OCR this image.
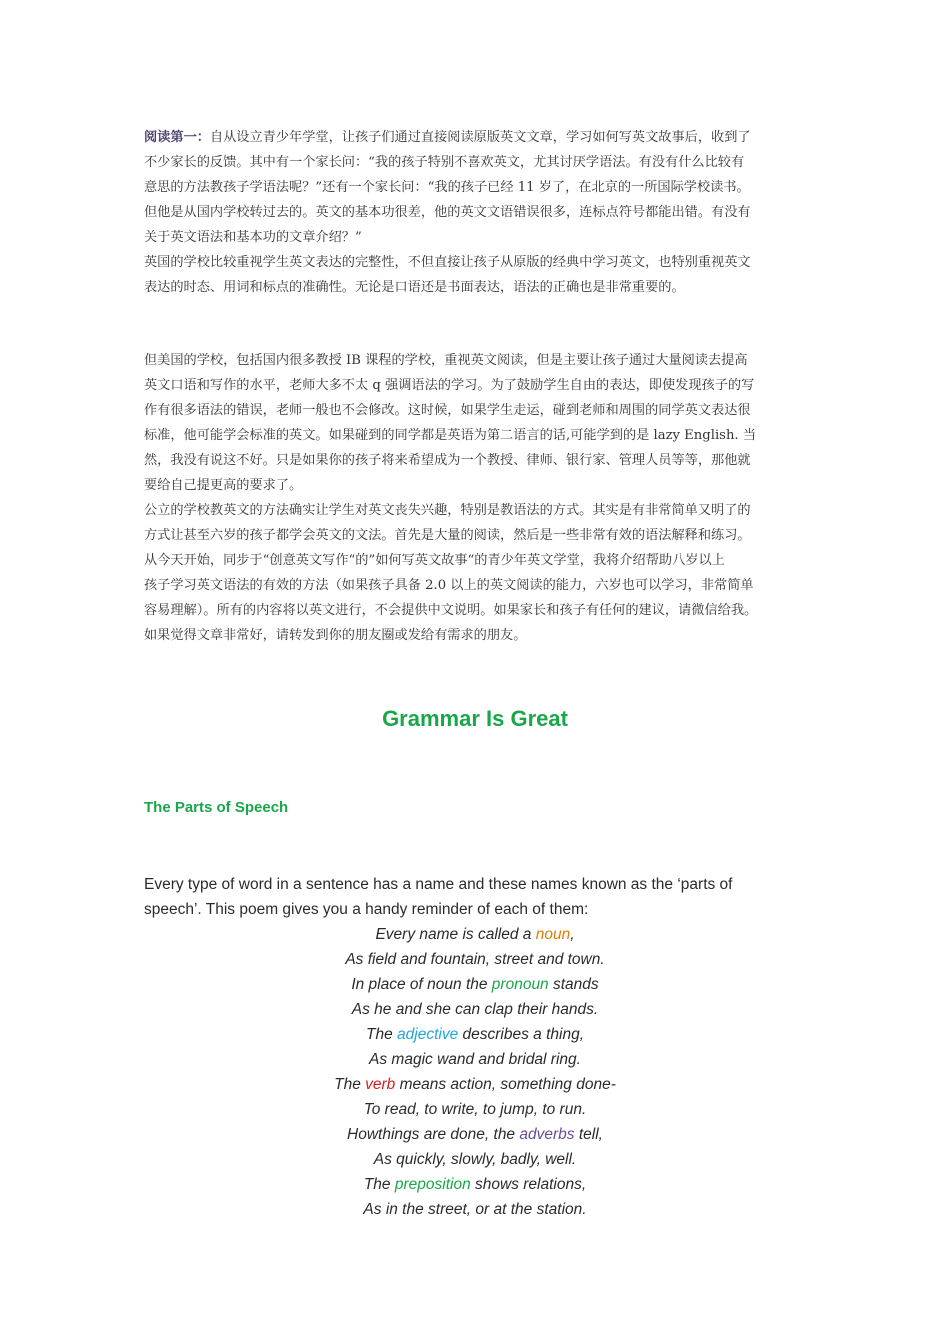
阅读第一：自从设立青少年学堂，让孩子们通过直接阅读原版英文文章，学习如何写英文故事后，收到了
不少家长的反馈。其中有一个家长问：“我的孩子特别不喜欢英文，尤其讨厌学语法。有没有什么比较有
意思的方法教孩子学语法呢？”还有一个家长问：“我的孩子已经 11 岁了，在北京的一所国际学校读书。
但他是从国内学校转过去的。英文的基本功很差，他的英文文语错误很多，连标点符号都能出错。有没有
关于英文语法和基本功的文章介绍？”
英国的学校比较重视学生英文表达的完整性，不但直接让孩子从原版的经典中学习英文，也特别重视英文
表达的时态、用词和标点的准确性。无论是口语还是书面表达，语法的正确也是非常重要的。
但美国的学校，包括国内很多教授 IB 课程的学校，重视英文阅读，但是主要让孩子通过大量阅读去提高
英文口语和写作的水平，老师大多不太 q 强调语法的学习。为了鼓励学生自由的表达，即使发现孩子的写
作有很多语法的错误，老师一般也不会修改。这时候，如果学生走运，碰到老师和周围的同学英文表达很
标准，他可能学会标准的英文。如果碰到的同学都是英语为第二语言的话,可能学到的是 lazy English. 当
然，我没有说这不好。只是如果你的孩子将来希望成为一个教授、律师、银行家、管理人员等等，那他就
要给自己提更高的要求了。
公立的学校教英文的方法确实让学生对英文丧失兴趣，特别是教语法的方式。其实是有非常简单又明了的
方式让甚至六岁的孩子都学会英文的文法。首先是大量的阅读，然后是一些非常有效的语法解释和练习。
从今天开始，同步于“创意英文写作“的”如何写英文故事“的青少年英文学堂，我将介绍帮助八岁以上
孩子学习英文语法的有效的方法（如果孩子具备 2.0 以上的英文阅读的能力，六岁也可以学习，非常简单
容易理解）。所有的内容将以英文进行，不会提供中文说明。如果家长和孩子有任何的建议，请微信给我。
如果觉得文章非常好，请转发到你的朋友圈或发给有需求的朋友。
Grammar Is Great
The Parts of Speech
Every type of word in a sentence has a name and these names known as the ‘parts of
speech’. This poem gives you a handy reminder of each of them:
Every name is called a noun,
As field and fountain, street and town.
In place of noun the pronoun stands
As he and she can clap their hands.
The adjective describes a thing,
As magic wand and bridal ring.
The verb means action, something done-
To read, to write, to jump, to run.
Howthings are done, the adverbs tell,
As quickly, slowly, badly, well.
The preposition shows relations,
As in the street, or at the station.
